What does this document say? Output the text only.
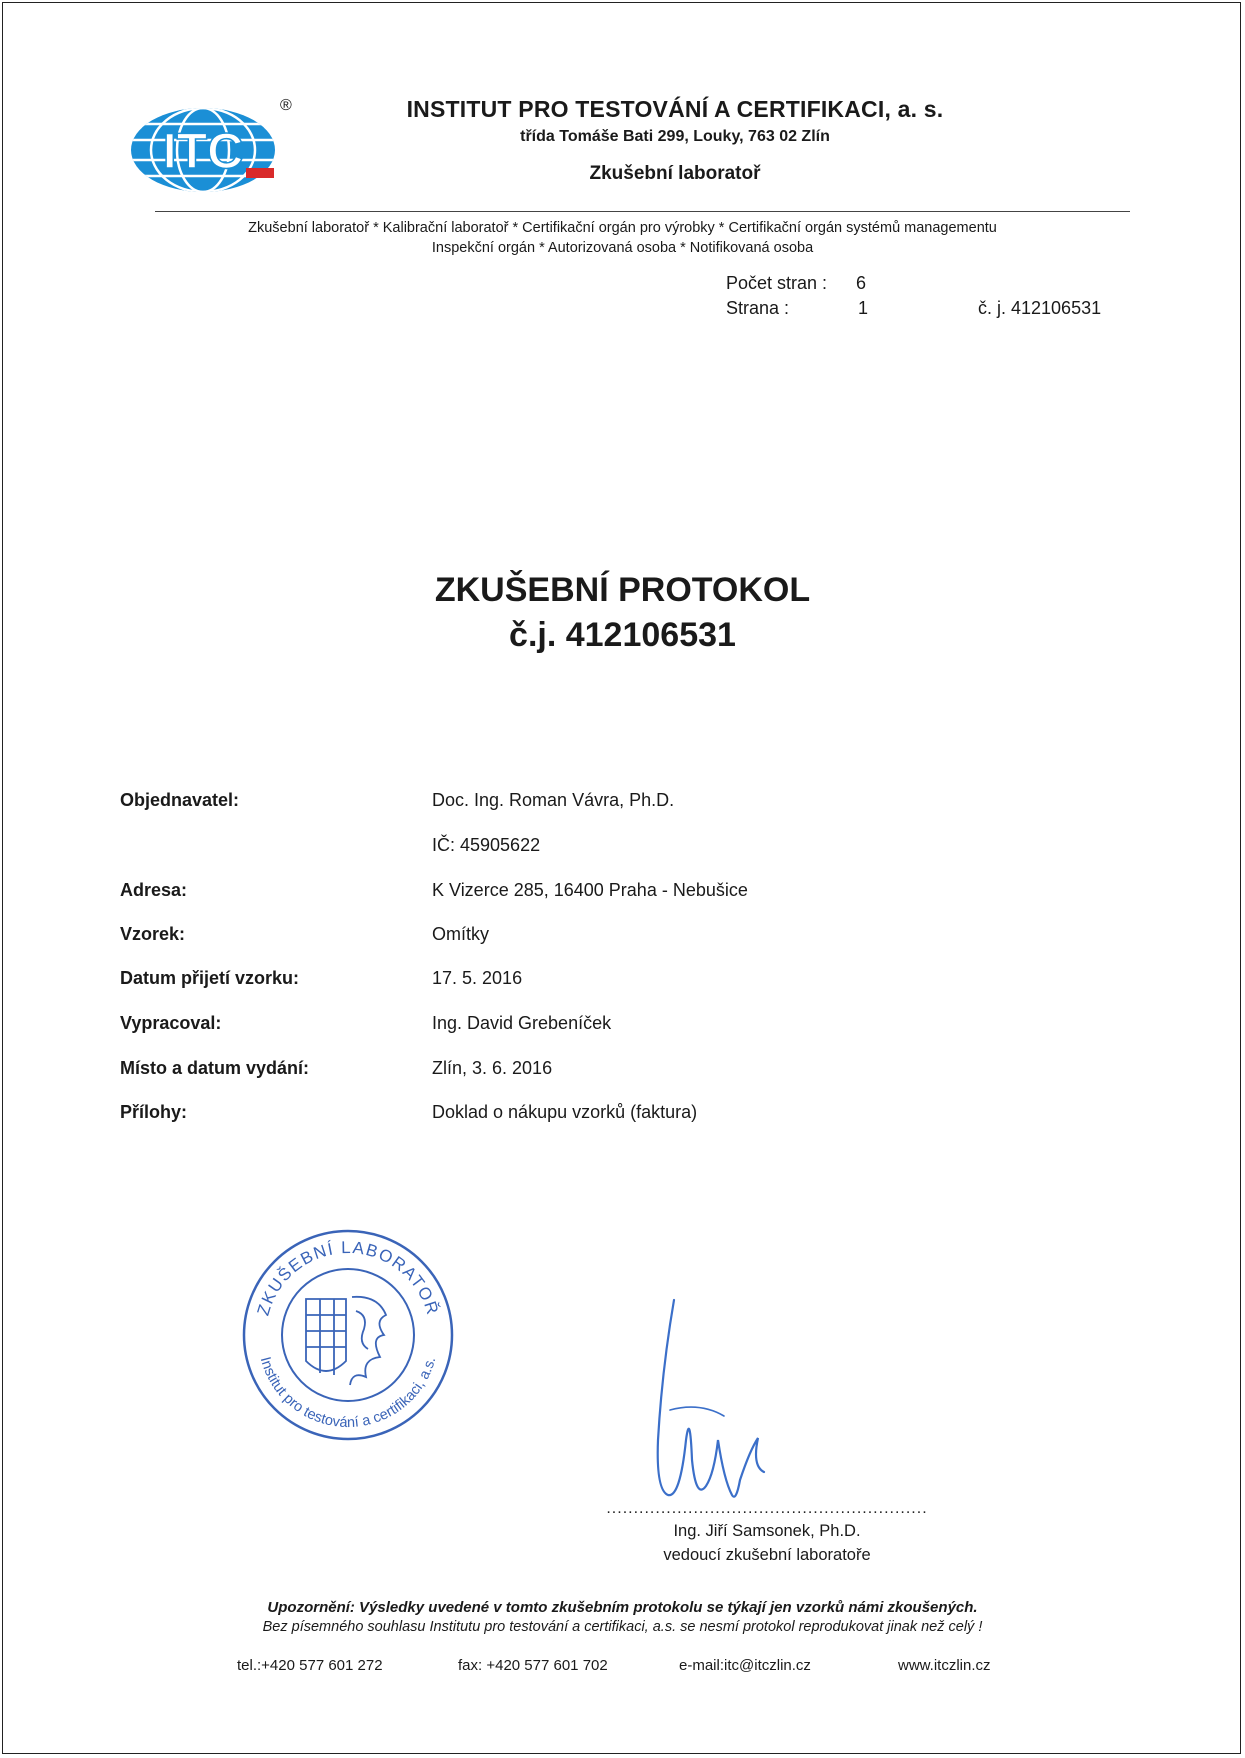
ITC
®	INSTITUT PRO TESTOVÁNÍ A CERTIFIKACI, a. s.
třída Tomáše Bati 299, Louky, 763 02 Zlín
Zkušební laboratoř
Zkušební laboratoř * Kalibrační laboratoř * Certifikační orgán pro výrobky * Certifikační orgán systémů managementu
Inspekční orgán * Autorizovaná osoba * Notifikovaná osoba
Počet stran : 6
Strana :	1	č. j. 412106531
ZKUŠEBNÍ PROTOKOL
č.j. 412106531
Objednavatel:	Doc. Ing. Roman Vávra, Ph.D.
IČ: 45905622
Adresa:	K Vizerce 285, 16400 Praha - Nebušice
Vzorek:	Omítky
Datum přijetí vzorku:	17. 5. 2016
Vypracoval:	Ing. David Grebeníček
Místo a datum vydání:	Zlín, 3. 6. 2016
Přílohy:	Doklad o nákupu vzorků (faktura)
ZKUŠEBNÍ LABORATOŘ
Institut pro testování a certifikaci, a.s.
...........................................................
Ing. Jiří Samsonek, Ph.D.
vedoucí zkušební laboratoře
Upozornění: Výsledky uvedené v tomto zkušebním protokolu se týkají jen vzorků námi zkoušených.
Bez písemného souhlasu Institutu pro testování a certifikaci, a.s. se nesmí protokol reprodukovat jinak než celý !
tel.:+420 577 601 272	fax: +420 577 601 702	e-mail:itc@itczlin.cz	www.itczlin.cz
